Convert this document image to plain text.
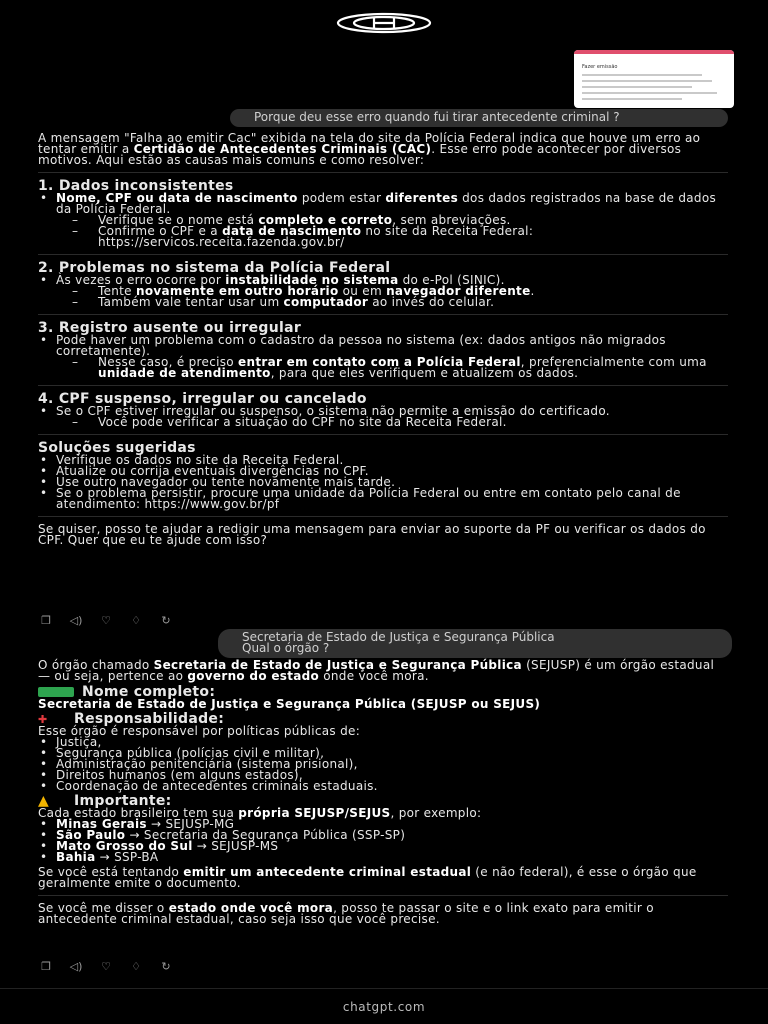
Fazer emissão
Porque deu esse erro quando fui tirar antecedente criminal ?

A mensagem "Falha ao emitir Cac" exibida na tela do site da Polícia Federal indica que houve um erro ao tentar emitir a Certidão de Antecedentes Criminais (CAC). Esse erro pode acontecer por diversos motivos. Aqui estão as causas mais comuns e como resolver:

1. Dados inconsistentes

• Nome, CPF ou data de nascimento podem estar diferentes dos dados registrados na base de dados da Polícia Federal.
– Verifique se o nome está completo e correto, sem abreviações.
– Confirme o CPF e a data de nascimento no site da Receita Federal: https://servicos.receita.fazenda.gov.br/

2. Problemas no sistema da Polícia Federal

• Às vezes o erro ocorre por instabilidade no sistema do e-Pol (SINIC).
– Tente novamente em outro horário ou em navegador diferente.
– Também vale tentar usar um computador ao invés do celular.

3. Registro ausente ou irregular

• Pode haver um problema com o cadastro da pessoa no sistema (ex: dados antigos não migrados corretamente).
– Nesse caso, é preciso entrar em contato com a Polícia Federal, preferencialmente com uma unidade de atendimento, para que eles verifiquem e atualizem os dados.

4. CPF suspenso, irregular ou cancelado

• Se o CPF estiver irregular ou suspenso, o sistema não permite a emissão do certificado.
– Você pode verificar a situação do CPF no site da Receita Federal.

Soluções sugeridas

• Verifique os dados no site da Receita Federal.
• Atualize ou corrija eventuais divergências no CPF.
• Use outro navegador ou tente novamente mais tarde.
• Se o problema persistir, procure uma unidade da Polícia Federal ou entre em contato pelo canal de atendimento: https://www.gov.br/pf

Se quiser, posso te ajudar a redigir uma mensagem para enviar ao suporte da PF ou verificar os dados do CPF. Quer que eu te ajude com isso?

❐ ◁) ♡ ♢	↻
Secretaria de Estado de Justiça e Segurança Pública
Qual o órgão ?

O órgão chamado Secretaria de Estado de Justiça e Segurança Pública (SEJUSP) é um órgão estadual — ou seja, pertence ao governo do estado onde você mora.

Nome completo:

Secretaria de Estado de Justiça e Segurança Pública (SEJUSP ou SEJUS)

✚ Responsabilidade:

Esse órgão é responsável por políticas públicas de:

• Justiça,
• Segurança pública (polícias civil e militar),
• Administração penitenciária (sistema prisional),
• Direitos humanos (em alguns estados),
• Coordenação de antecedentes criminais estaduais.

▲ Importante:

Cada estado brasileiro tem sua própria SEJUSP/SEJUS, por exemplo:

• Minas Gerais → SEJUSP-MG
• São Paulo → Secretaria da Segurança Pública (SSP-SP)
• Mato Grosso do Sul → SEJUSP-MS
• Bahia → SSP-BA

Se você está tentando emitir um antecedente criminal estadual (e não federal), é esse o órgão que geralmente emite o documento.

Se você me disser o estado onde você mora, posso te passar o site e o link exato para emitir o antecedente criminal estadual, caso seja isso que você precise.

❐ ◁) ♡ ♢	↻
chatgpt.com
